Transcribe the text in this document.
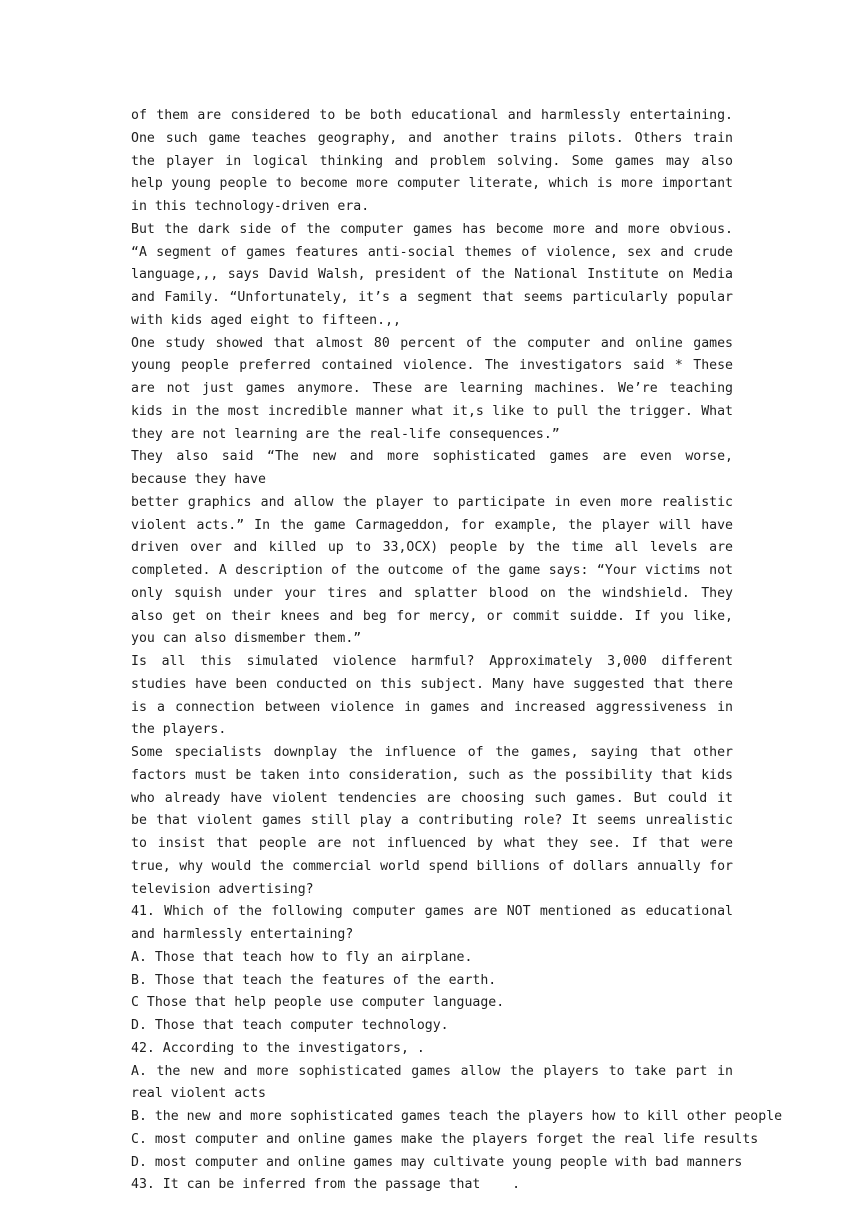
of them are considered to be both educational and harmlessly entertaining. One such game teaches geography, and another trains pilots. Others train the player in logical thinking and problem solving. Some games may also help young people to become more computer literate, which is more important in this technology-driven era.

But the dark side of the computer games has become more and more obvious. “A segment of games features anti-social themes of violence, sex and crude language,,, says David Walsh, president of the National Institute on Media and Family. “Unfortunately, it’s a segment that seems particularly popular with kids aged eight to fifteen.,,

One study showed that almost 80 percent of the computer and online games young people preferred contained violence. The investigators said * These are not just games anymore. These are learning machines. We’re teaching kids in the most incredible manner what it,s like to pull the trigger. What they are not learning are the real-life consequences.”

They also said “The new and more sophisticated games are even worse, because they have

better graphics and allow the player to participate in even more realistic violent acts.” In the game Carmageddon, for example, the player will have driven over and killed up to 33,OCX) people by the time all levels are completed. A description of the outcome of the game says: “Your victims not only squish under your tires and splatter blood on the windshield. They also get on their knees and beg for mercy, or commit suidde. If you like, you can also dismember them.”

Is all this simulated violence harmful? Approximately 3,000 different studies have been conducted on this subject. Many have suggested that there is a connection between violence in games and increased aggressiveness in the players.

Some specialists downplay the influence of the games, saying that other factors must be taken into consideration, such as the possibility that kids who already have violent tendencies are choosing such games. But could it be that violent games still play a contributing role? It seems unrealistic to insist that people are not influenced by what they see. If that were true, why would the commercial world spend billions of dollars annually for television advertising?

41. Which of the following computer games are NOT mentioned as educational and harmlessly entertaining?

A. Those that teach how to fly an airplane.
B. Those that teach the features of the earth.
C Those that help people use computer language.
D. Those that teach computer technology.
42. According to the investigators, .

A. the new and more sophisticated games allow the players to take part in real violent acts

B. the new and more sophisticated games teach the players how to kill other people
C. most computer and online games make the players forget the real life results
D. most computer and online games may cultivate young people with bad manners
43. It can be inferred from the passage that    .
